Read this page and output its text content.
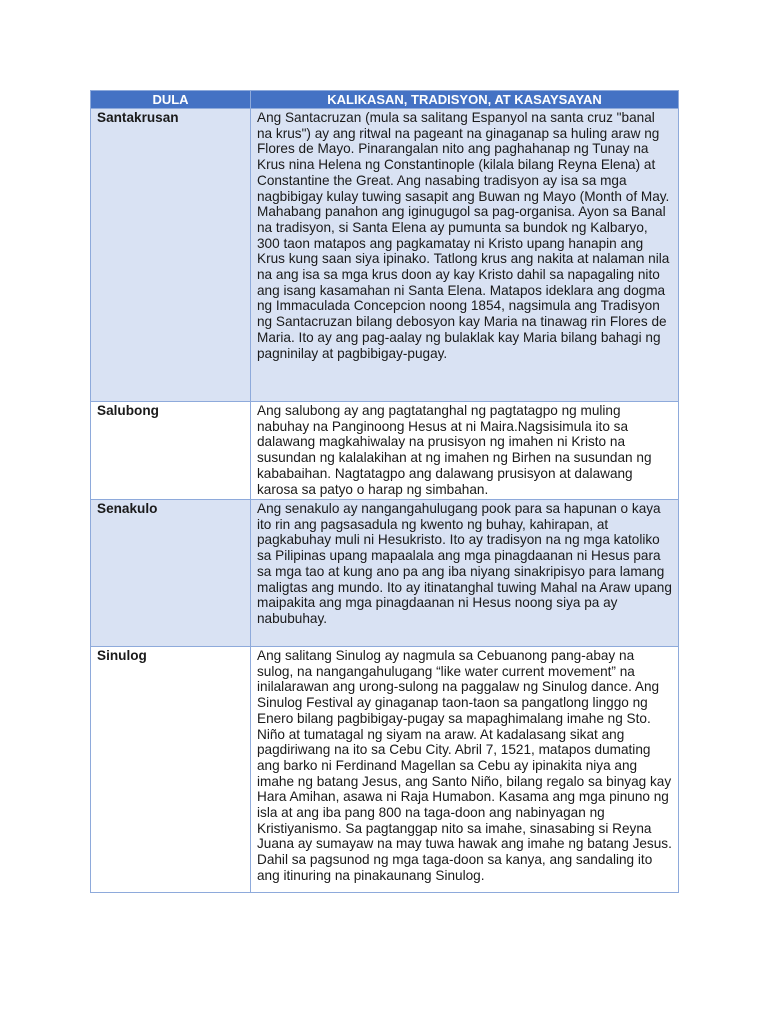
DULA	KALIKASAN, TRADISYON, AT KASAYSAYAN
Santakrusan	Ang Santacruzan (mula sa salitang Espanyol na santa cruz "banal na krus") ay ang ritwal na pageant na ginaganap sa huling araw ng Flores de Mayo. Pinarangalan nito ang paghahanap ng Tunay na Krus nina Helena ng Constantinople (kilala bilang Reyna Elena) at Constantine the Great. Ang nasabing tradisyon ay isa sa mga nagbibigay kulay tuwing sasapit ang Buwan ng Mayo (Month of May. Mahabang panahon ang iginugugol sa pag-organisa. Ayon sa Banal na tradisyon, si Santa Elena ay pumunta sa bundok ng Kalbaryo, 300 taon matapos ang pagkamatay ni Kristo upang hanapin ang Krus kung saan siya ipinako. Tatlong krus ang nakita at nalaman nila na ang isa sa mga krus doon ay kay Kristo dahil sa napagaling nito ang isang kasamahan ni Santa Elena. Matapos ideklara ang dogma ng Immaculada Concepcion noong 1854, nagsimula ang Tradisyon ng Santacruzan bilang debosyon kay Maria na tinawag rin Flores de Maria. Ito ay ang pag-aalay ng bulaklak kay Maria bilang bahagi ng pagninilay at pagbibigay-pugay.
Salubong	Ang salubong ay ang pagtatanghal ng pagtatagpo ng muling nabuhay na Panginoong Hesus at ni Maira.Nagsisimula ito sa dalawang magkahiwalay na prusisyon ng imahen ni Kristo na susundan ng kalalakihan at ng imahen ng Birhen na susundan ng kababaihan. Nagtatagpo ang dalawang prusisyon at dalawang karosa sa patyo o harap ng simbahan.
Senakulo	Ang senakulo ay nangangahulugang pook para sa hapunan o kaya ito rin ang pagsasadula ng kwento ng buhay, kahirapan, at pagkabuhay muli ni Hesukristo. Ito ay tradisyon na ng mga katoliko sa Pilipinas upang mapaalala ang mga pinagdaanan ni Hesus para sa mga tao at kung ano pa ang iba niyang sinakripisyo para lamang maligtas ang mundo. Ito ay itinatanghal tuwing Mahal na Araw upang maipakita ang mga pinagdaanan ni Hesus noong siya pa ay nabubuhay.
Sinulog	Ang salitang Sinulog ay nagmula sa Cebuanong pang-abay na sulog, na nangangahulugang “like water current movement” na inilalarawan ang urong-sulong na paggalaw ng Sinulog dance. Ang Sinulog Festival ay ginaganap taon-taon sa pangatlong linggo ng Enero bilang pagbibigay-pugay sa mapaghimalang imahe ng Sto. Niño at tumatagal ng siyam na araw. At kadalasang sikat ang pagdiriwang na ito sa Cebu City. Abril 7, 1521, matapos dumating ang barko ni Ferdinand Magellan sa Cebu ay ipinakita niya ang imahe ng batang Jesus, ang Santo Niño, bilang regalo sa binyag kay Hara Amihan, asawa ni Raja Humabon. Kasama ang mga pinuno ng isla at ang iba pang 800 na taga-doon ang nabinyagan ng Kristiyanismo. Sa pagtanggap nito sa imahe, sinasabing si Reyna Juana ay sumayaw na may tuwa hawak ang imahe ng batang Jesus. Dahil sa pagsunod ng mga taga-doon sa kanya, ang sandaling ito ang itinuring na pinakaunang Sinulog.
